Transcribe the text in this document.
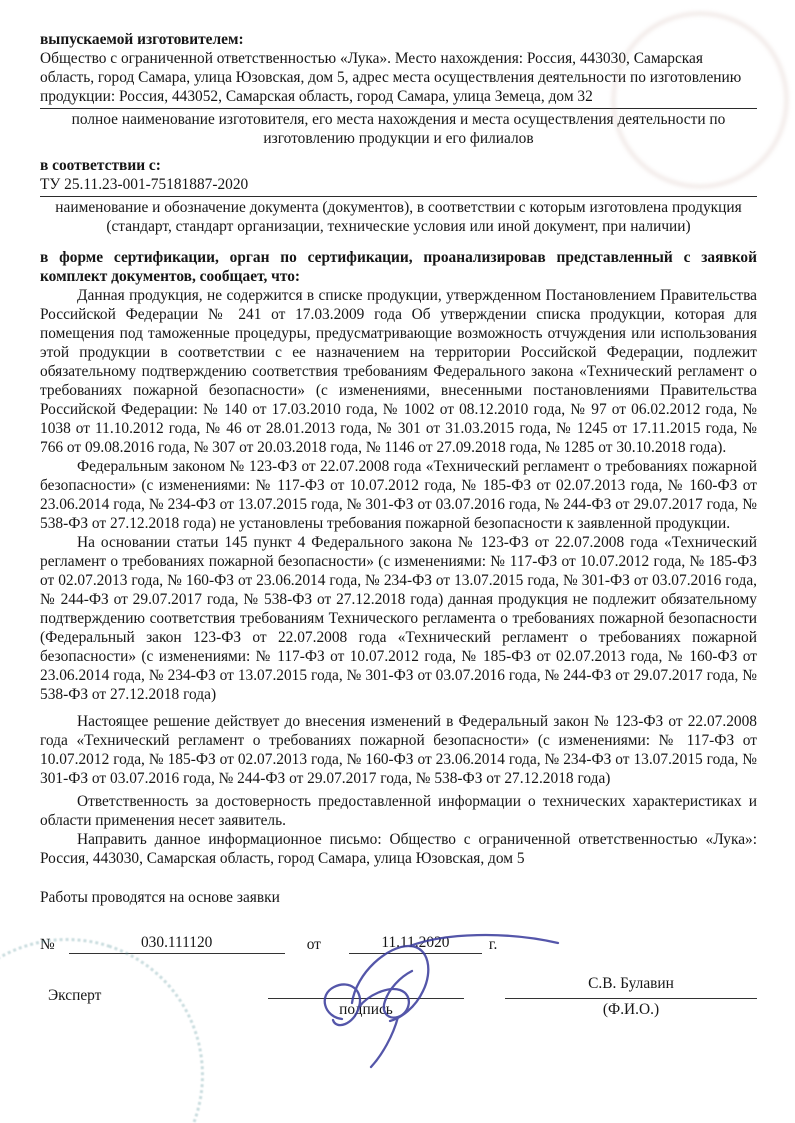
выпускаемой изготовителем:

Общество с ограниченной ответственностью «Лука». Место нахождения: Россия, 443030, Самарская область, город Самара, улица Юзовская, дом 5, адрес места осуществления деятельности по изготовлению продукции: Россия, 443052, Самарская область, город Самара, улица Земеца, дом 32

полное наименование изготовителя, его места нахождения и места осуществления деятельности по изготовлению продукции и его филиалов

в соответствии с:

ТУ 25.11.23-001-75181887-2020

наименование и обозначение документа (документов), в соответствии с которым изготовлена продукция (стандарт, стандарт организации, технические условия или иной документ, при наличии)

в форме сертификации, орган по сертификации, проанализировав представленный с заявкой комплект документов, сообщает, что:

Данная продукция, не содержится в списке продукции, утвержденном Постановлением Правительства Российской Федерации № 241 от 17.03.2009 года Об утверждении списка продукции, которая для помещения под таможенные процедуры, предусматривающие возможность отчуждения или использования этой продукции в соответствии с ее назначением на территории Российской Федерации, подлежит обязательному подтверждению соответствия требованиям Федерального закона «Технический регламент о требованиях пожарной безопасности» (с изменениями, внесенными постановлениями Правительства Российской Федерации: № 140 от 17.03.2010 года, № 1002 от 08.12.2010 года, № 97 от 06.02.2012 года, № 1038 от 11.10.2012 года, № 46 от 28.01.2013 года, № 301 от 31.03.2015 года, № 1245 от 17.11.2015 года, № 766 от 09.08.2016 года, № 307 от 20.03.2018 года, № 1146 от 27.09.2018 года, № 1285 от 30.10.2018 года).

Федеральным законом № 123-ФЗ от 22.07.2008 года «Технический регламент о требованиях пожарной безопасности» (с изменениями: № 117-ФЗ от 10.07.2012 года, № 185-ФЗ от 02.07.2013 года, № 160-ФЗ от 23.06.2014 года, № 234-ФЗ от 13.07.2015 года, № 301-ФЗ от 03.07.2016 года, № 244-ФЗ от 29.07.2017 года, № 538-ФЗ от 27.12.2018 года) не установлены требования пожарной безопасности к заявленной продукции.

На основании статьи 145 пункт 4 Федерального закона № 123-ФЗ от 22.07.2008 года «Технический регламент о требованиях пожарной безопасности» (с изменениями: № 117-ФЗ от 10.07.2012 года, № 185-ФЗ от 02.07.2013 года, № 160-ФЗ от 23.06.2014 года, № 234-ФЗ от 13.07.2015 года, № 301-ФЗ от 03.07.2016 года, № 244-ФЗ от 29.07.2017 года, № 538-ФЗ от 27.12.2018 года) данная продукция не подлежит обязательному подтверждению соответствия требованиям Технического регламента о требованиях пожарной безопасности (Федеральный закон 123-ФЗ от 22.07.2008 года «Технический регламент о требованиях пожарной безопасности» (с изменениями: № 117-ФЗ от 10.07.2012 года, № 185-ФЗ от 02.07.2013 года, № 160-ФЗ от 23.06.2014 года, № 234-ФЗ от 13.07.2015 года, № 301-ФЗ от 03.07.2016 года, № 244-ФЗ от 29.07.2017 года, № 538-ФЗ от 27.12.2018 года)

Настоящее решение действует до внесения изменений в Федеральный закон № 123-ФЗ от 22.07.2008 года «Технический регламент о требованиях пожарной безопасности» (с изменениями: № 117-ФЗ от 10.07.2012 года, № 185-ФЗ от 02.07.2013 года, № 160-ФЗ от 23.06.2014 года, № 234-ФЗ от 13.07.2015 года, № 301-ФЗ от 03.07.2016 года, № 244-ФЗ от 29.07.2017 года, № 538-ФЗ от 27.12.2018 года)

Ответственность за достоверность предоставленной информации о технических характеристиках и области применения несет заявитель.

Направить данное информационное письмо: Общество с ограниченной ответственностью «Лука»: Россия, 443030, Самарская область, город Самара, улица Юзовская, дом 5

Работы проводятся на основе заявки

№	030.111120	от	11.11.2020	г.
Эксперт
подпись
С.В. Булавин
(Ф.И.О.)
